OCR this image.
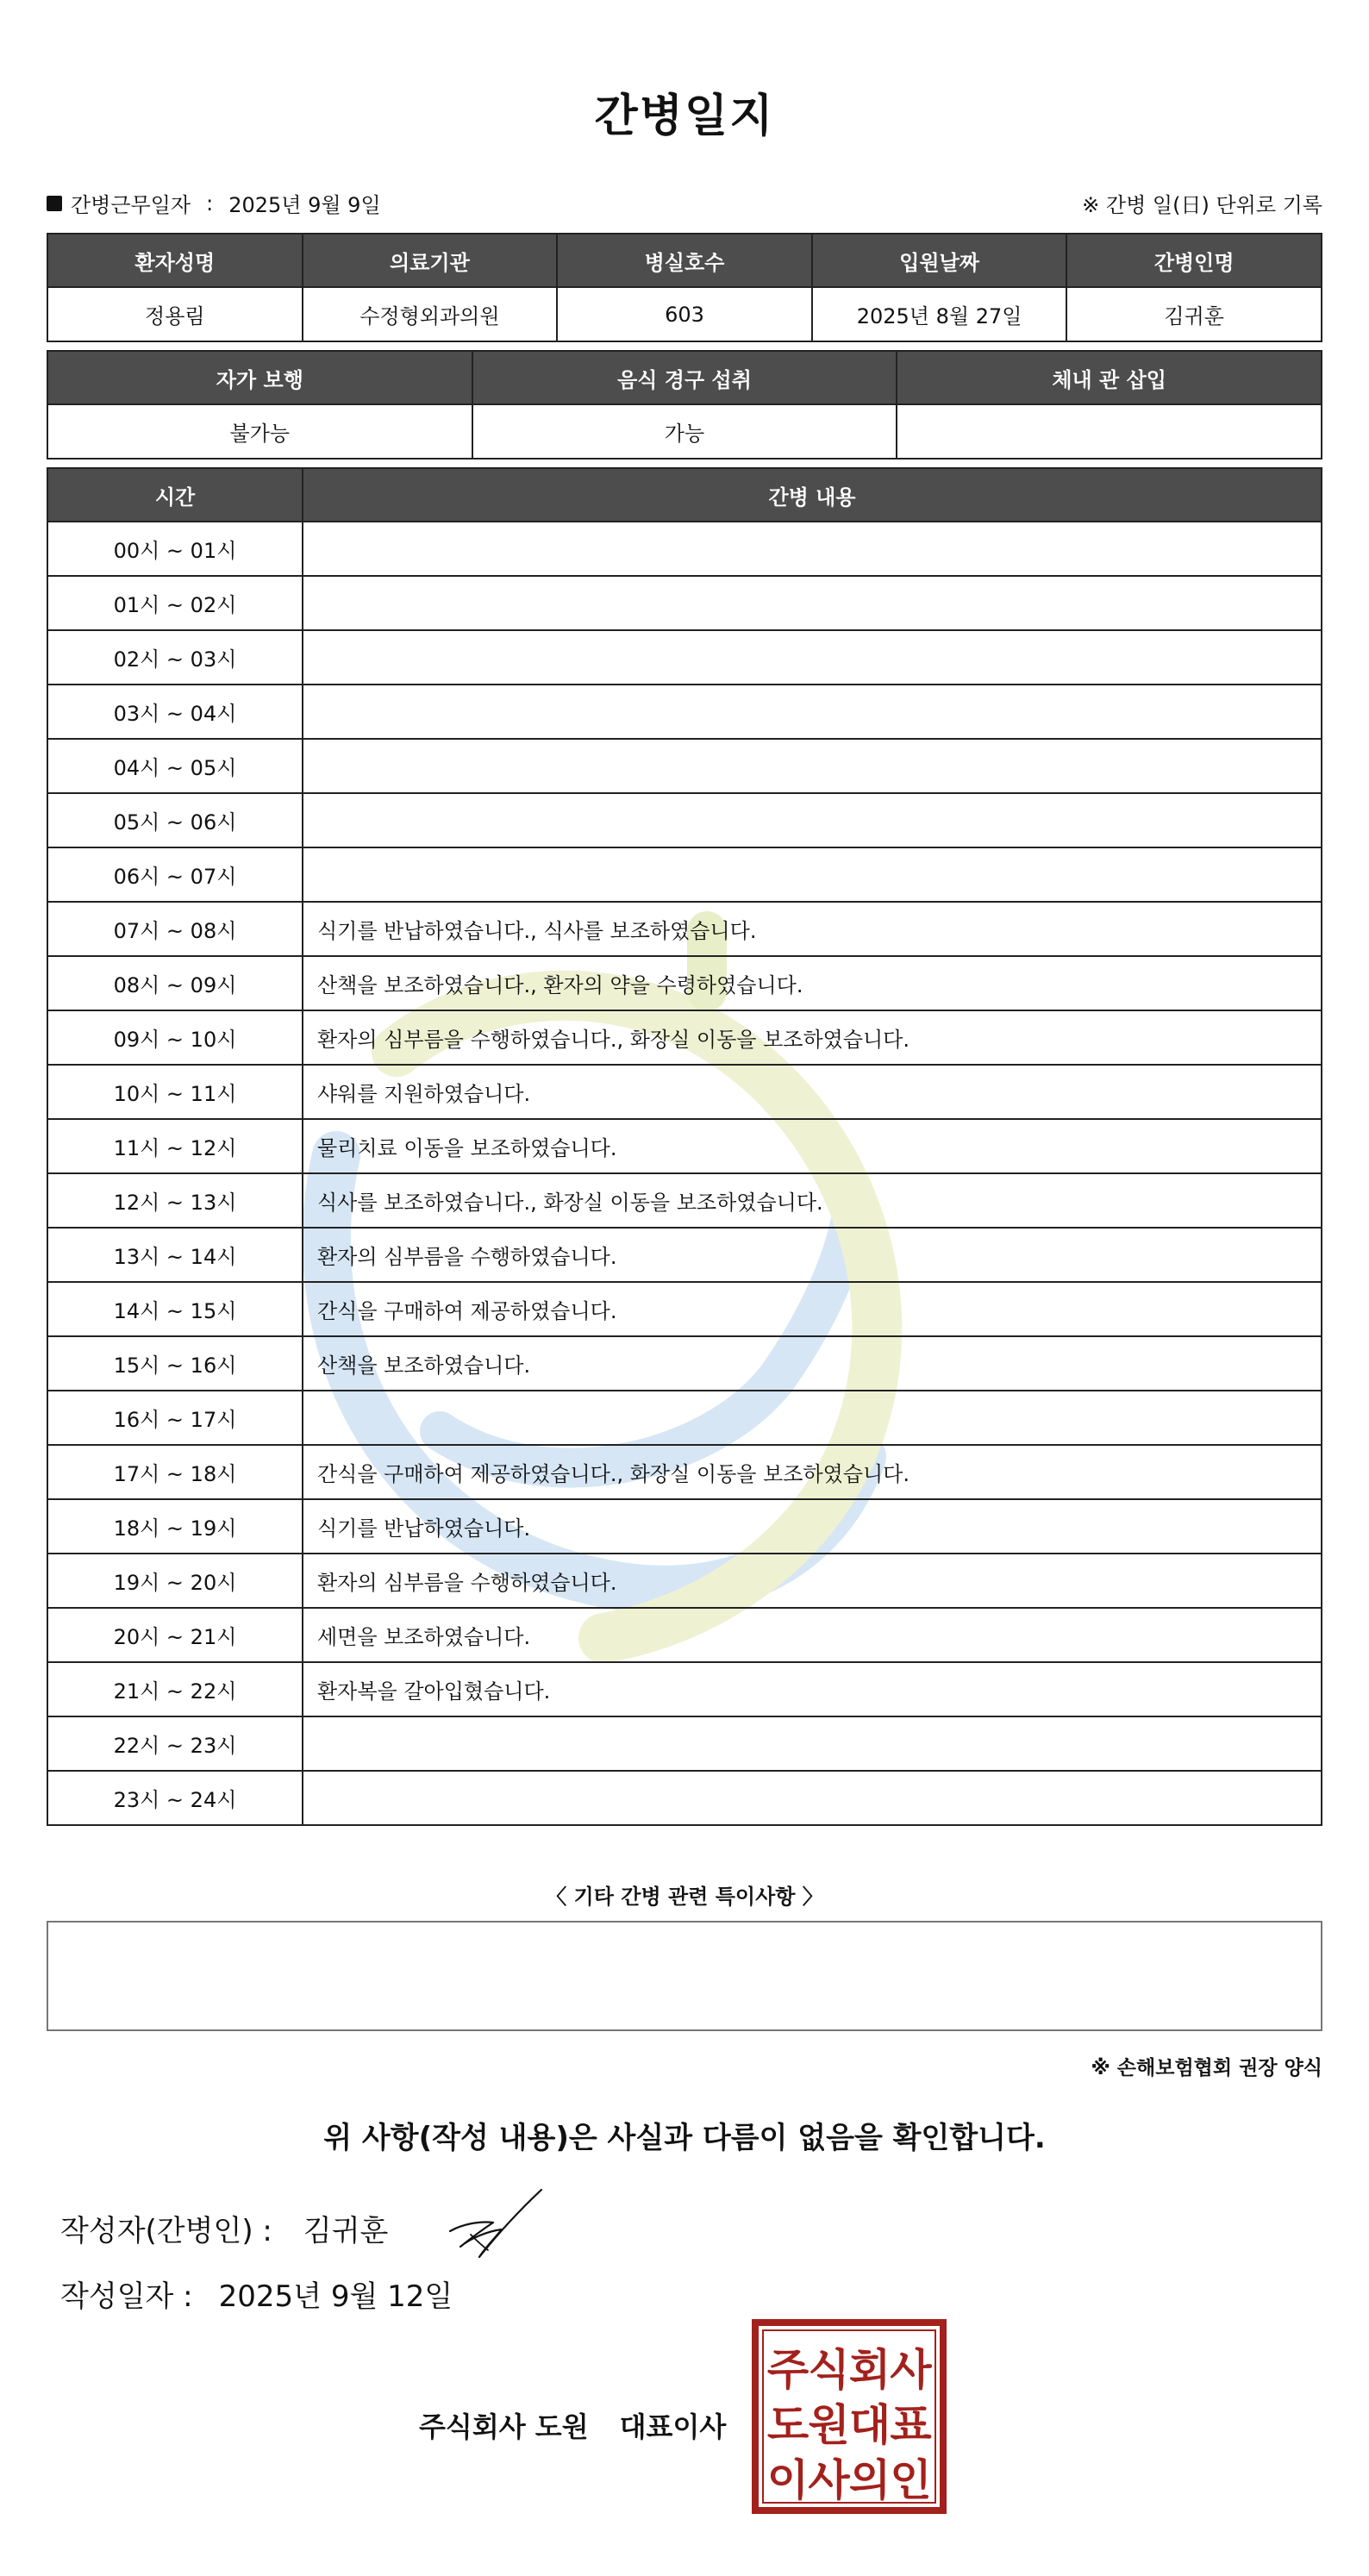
간병일지
간병근무일자 : 2025년 9월 9일	※ 간병 일(日) 단위로 기록
환자성명	의료기관	병실호수	입원날짜	간병인명
정용림	수정형외과의원	603	2025년 8월 27일	김귀훈
자가 보행	음식 경구 섭취	체내 관 삽입
불가능	가능	
시간	간병 내용
00시 ~ 01시	
01시 ~ 02시	
02시 ~ 03시	
03시 ~ 04시	
04시 ~ 05시	
05시 ~ 06시	
06시 ~ 07시	
07시 ~ 08시	식기를 반납하였습니다., 식사를 보조하였습니다.
08시 ~ 09시	산책을 보조하였습니다., 환자의 약을 수령하였습니다.
09시 ~ 10시	환자의 심부름을 수행하였습니다., 화장실 이동을 보조하였습니다.
10시 ~ 11시	샤워를 지원하였습니다.
11시 ~ 12시	물리치료 이동을 보조하였습니다.
12시 ~ 13시	식사를 보조하였습니다., 화장실 이동을 보조하였습니다.
13시 ~ 14시	환자의 심부름을 수행하였습니다.
14시 ~ 15시	간식을 구매하여 제공하였습니다.
15시 ~ 16시	산책을 보조하였습니다.
16시 ~ 17시	
17시 ~ 18시	간식을 구매하여 제공하였습니다., 화장실 이동을 보조하였습니다.
18시 ~ 19시	식기를 반납하였습니다.
19시 ~ 20시	환자의 심부름을 수행하였습니다.
20시 ~ 21시	세면을 보조하였습니다.
21시 ~ 22시	환자복을 갈아입혔습니다.
22시 ~ 23시	
23시 ~ 24시	
〈 기타 간병 관련 특이사항 〉
※ 손해보험협회 권장 양식
위 사항(작성 내용)은 사실과 다름이 없음을 확인합니다.
작성자(간병인) : 김귀훈
작성일자 : 2025년 9월 12일
주식회사 도원 대표이사
주 식 회 사
도 원 대 표
이 사 의 인
